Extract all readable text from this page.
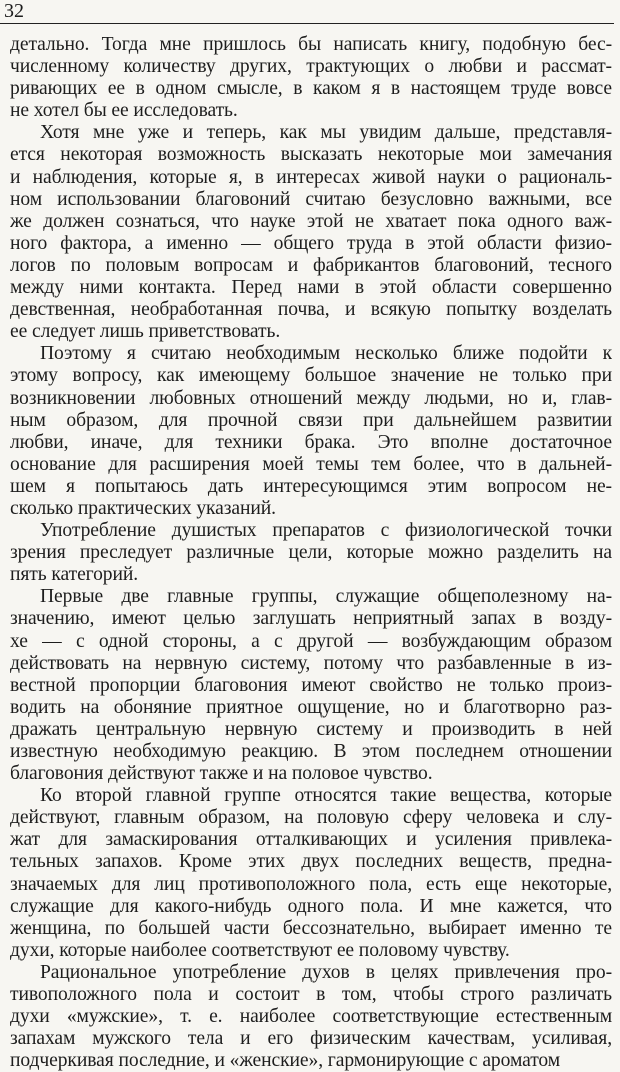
32
детально. Тогда мне пришлось бы написать книгу, подобную бес-
численному количеству других, трактующих о любви и рассмат-
ривающих ее в одном смысле, в каком я в настоящем труде вовсе
не хотел бы ее исследовать.
Хотя мне уже и теперь, как мы увидим дальше, представля-
ется некоторая возможность высказать некоторые мои замечания
и наблюдения, которые я, в интересах живой науки о рациональ-
ном использовании благовоний считаю безусловно важными, все
же должен сознаться, что науке этой не хватает пока одного важ-
ного фактора, а именно — общего труда в этой области физио-
логов по половым вопросам и фабрикантов благовоний, тесного
между ними контакта. Перед нами в этой области совершенно
девственная, необработанная почва, и всякую попытку возделать
ее следует лишь приветствовать.
Поэтому я считаю необходимым несколько ближе подойти к
этому вопросу, как имеющему большое значение не только при
возникновении любовных отношений между людьми, но и, глав-
ным образом, для прочной связи при дальнейшем развитии
любви, иначе, для техники брака. Это вполне достаточное
основание для расширения моей темы тем более, что в дальней-
шем я попытаюсь дать интересующимся этим вопросом не-
сколько практических указаний.
Употребление душистых препаратов с физиологической точки
зрения преследует различные цели, которые можно разделить на
пять категорий.
Первые две главные группы, служащие общеполезному на-
значению, имеют целью заглушать неприятный запах в возду-
хе — с одной стороны, а с другой — возбуждающим образом
действовать на нервную систему, потому что разбавленные в из-
вестной пропорции благовония имеют свойство не только произ-
водить на обоняние приятное ощущение, но и благотворно раз-
дражать центральную нервную систему и производить в ней
известную необходимую реакцию. В этом последнем отношении
благовония действуют также и на половое чувство.
Ко второй главной группе относятся такие вещества, которые
действуют, главным образом, на половую сферу человека и слу-
жат для замаскирования отталкивающих и усиления привлека-
тельных запахов. Кроме этих двух последних веществ, предна-
значаемых для лиц противоположного пола, есть еще некоторые,
служащие для какого-нибудь одного пола. И мне кажется, что
женщина, по большей части бессознательно, выбирает именно те
духи, которые наиболее соответствуют ее половому чувству.
Рациональное употребление духов в целях привлечения про-
тивоположного пола и состоит в том, чтобы строго различать
духи «мужские», т. е. наиболее соответствующие естественным
запахам мужского тела и его физическим качествам, усиливая,
подчеркивая последние, и «женские», гармонирующие с ароматом
